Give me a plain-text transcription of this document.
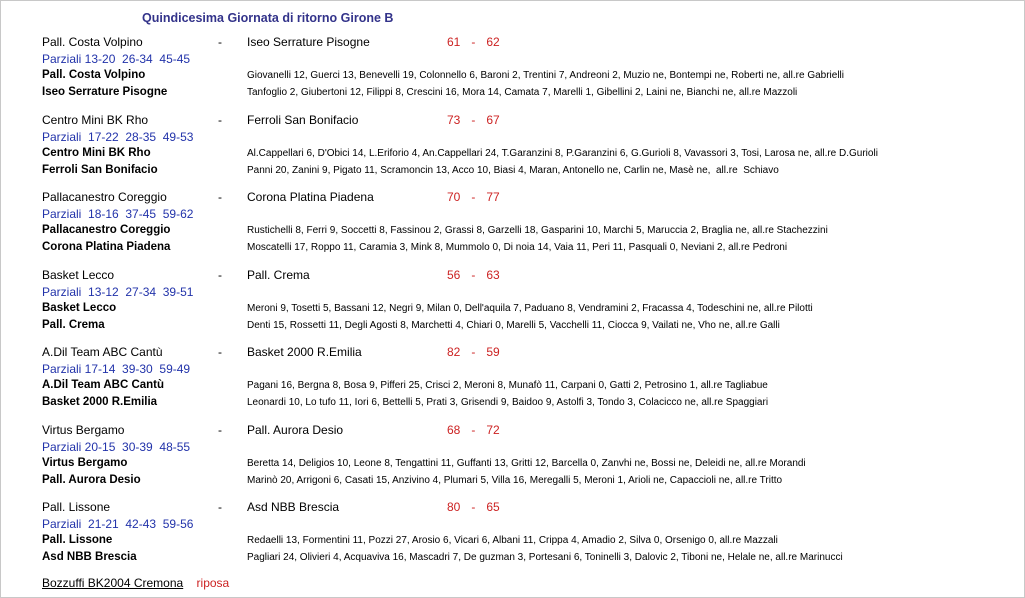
Quindicesima Giornata di ritorno Girone B
Pall. Costa Volpino	- Iseo Serrature Pisogne	61 - 62
Parziali 13-20  26-34  45-45
Pall. Costa Volpino	Giovanelli 12, Guerci 13, Benevelli 19, Colonnello 6, Baroni 2, Trentini 7, Andreoni 2, Muzio ne, Bontempi ne, Roberti ne, all.re Gabrielli
Iseo Serrature Pisogne	Tanfoglio 2, Giubertoni 12, Filippi 8, Crescini 16, Mora 14, Camata 7, Marelli 1, Gibellini 2, Laini ne, Bianchi ne, all.re Mazzoli
Centro Mini BK Rho	- Ferroli San Bonifacio	73 - 67
Parziali  17-22  28-35  49-53
Centro Mini BK Rho	Al.Cappellari 6, D'Obici 14, L.Eriforio 4, An.Cappellari 24, T.Garanzini 8, P.Garanzini 6, G.Gurioli 8, Vavassori 3, Tosi, Larosa ne, all.re D.Gurioli
Ferroli San Bonifacio	Panni 20, Zanini 9, Pigato 11, Scramoncin 13, Acco 10, Biasi 4, Maran, Antonello ne, Carlin ne, Masè ne,  all.re  Schiavo
Pallacanestro Coreggio	- Corona Platina Piadena	70 - 77
Parziali  18-16  37-45  59-62
Pallacanestro Coreggio	Rustichelli 8, Ferri 9, Soccetti 8, Fassinou 2, Grassi 8, Garzelli 18, Gasparini 10, Marchi 5, Maruccia 2, Braglia ne, all.re Stachezzini
Corona Platina Piadena	Moscatelli 17, Roppo 11, Caramia 3, Mink 8, Mummolo 0, Di noia 14, Vaia 11, Peri 11, Pasquali 0, Neviani 2, all.re Pedroni
Basket Lecco	- Pall. Crema	56 - 63
Parziali  13-12  27-34  39-51
Basket Lecco	Meroni 9, Tosetti 5, Bassani 12, Negri 9, Milan 0, Dell'aquila 7, Paduano 8, Vendramini 2, Fracassa 4, Todeschini ne, all.re Pilotti
Pall. Crema	Denti 15, Rossetti 11, Degli Agosti 8, Marchetti 4, Chiari 0, Marelli 5, Vacchelli 11, Ciocca 9, Vailati ne, Vho ne, all.re Galli
A.Dil Team ABC Cantù	- Basket 2000 R.Emilia	82 - 59
Parziali 17-14  39-30  59-49
A.Dil Team ABC Cantù	Pagani 16, Bergna 8, Bosa 9, Pifferi 25, Crisci 2, Meroni 8, Munafò 11, Carpani 0, Gatti 2, Petrosino 1, all.re Tagliabue
Basket 2000 R.Emilia	Leonardi 10, Lo tufo 11, Iori 6, Bettelli 5, Prati 3, Grisendi 9, Baidoo 9, Astolfi 3, Tondo 3, Colacicco ne, all.re Spaggiari
Virtus Bergamo	- Pall. Aurora Desio	68 - 72
Parziali 20-15  30-39  48-55
Virtus Bergamo	Beretta 14, Deligios 10, Leone 8, Tengattini 11, Guffanti 13, Gritti 12, Barcella 0, Zanvhi ne, Bossi ne, Deleidi ne, all.re Morandi
Pall. Aurora Desio	Marinò 20, Arrigoni 6, Casati 15, Anzivino 4, Plumari 5, Villa 16, Meregalli 5, Meroni 1, Arioli ne, Capaccioli ne, all.re Tritto
Pall. Lissone	- Asd NBB Brescia	80 - 65
Parziali  21-21  42-43  59-56
Pall. Lissone	Redaelli 13, Formentini 11, Pozzi 27, Arosio 6, Vicari 6, Albani 11, Crippa 4, Amadio 2, Silva 0, Orsenigo 0, all.re Mazzali
Asd NBB Brescia	Pagliari 24, Olivieri 4, Acquaviva 16, Mascadri 7, De guzman 3, Portesani 6, Toninelli 3, Dalovic 2, Tiboni ne, Helale ne, all.re Marinucci
Bozzuffi BK2004 Cremona riposa
